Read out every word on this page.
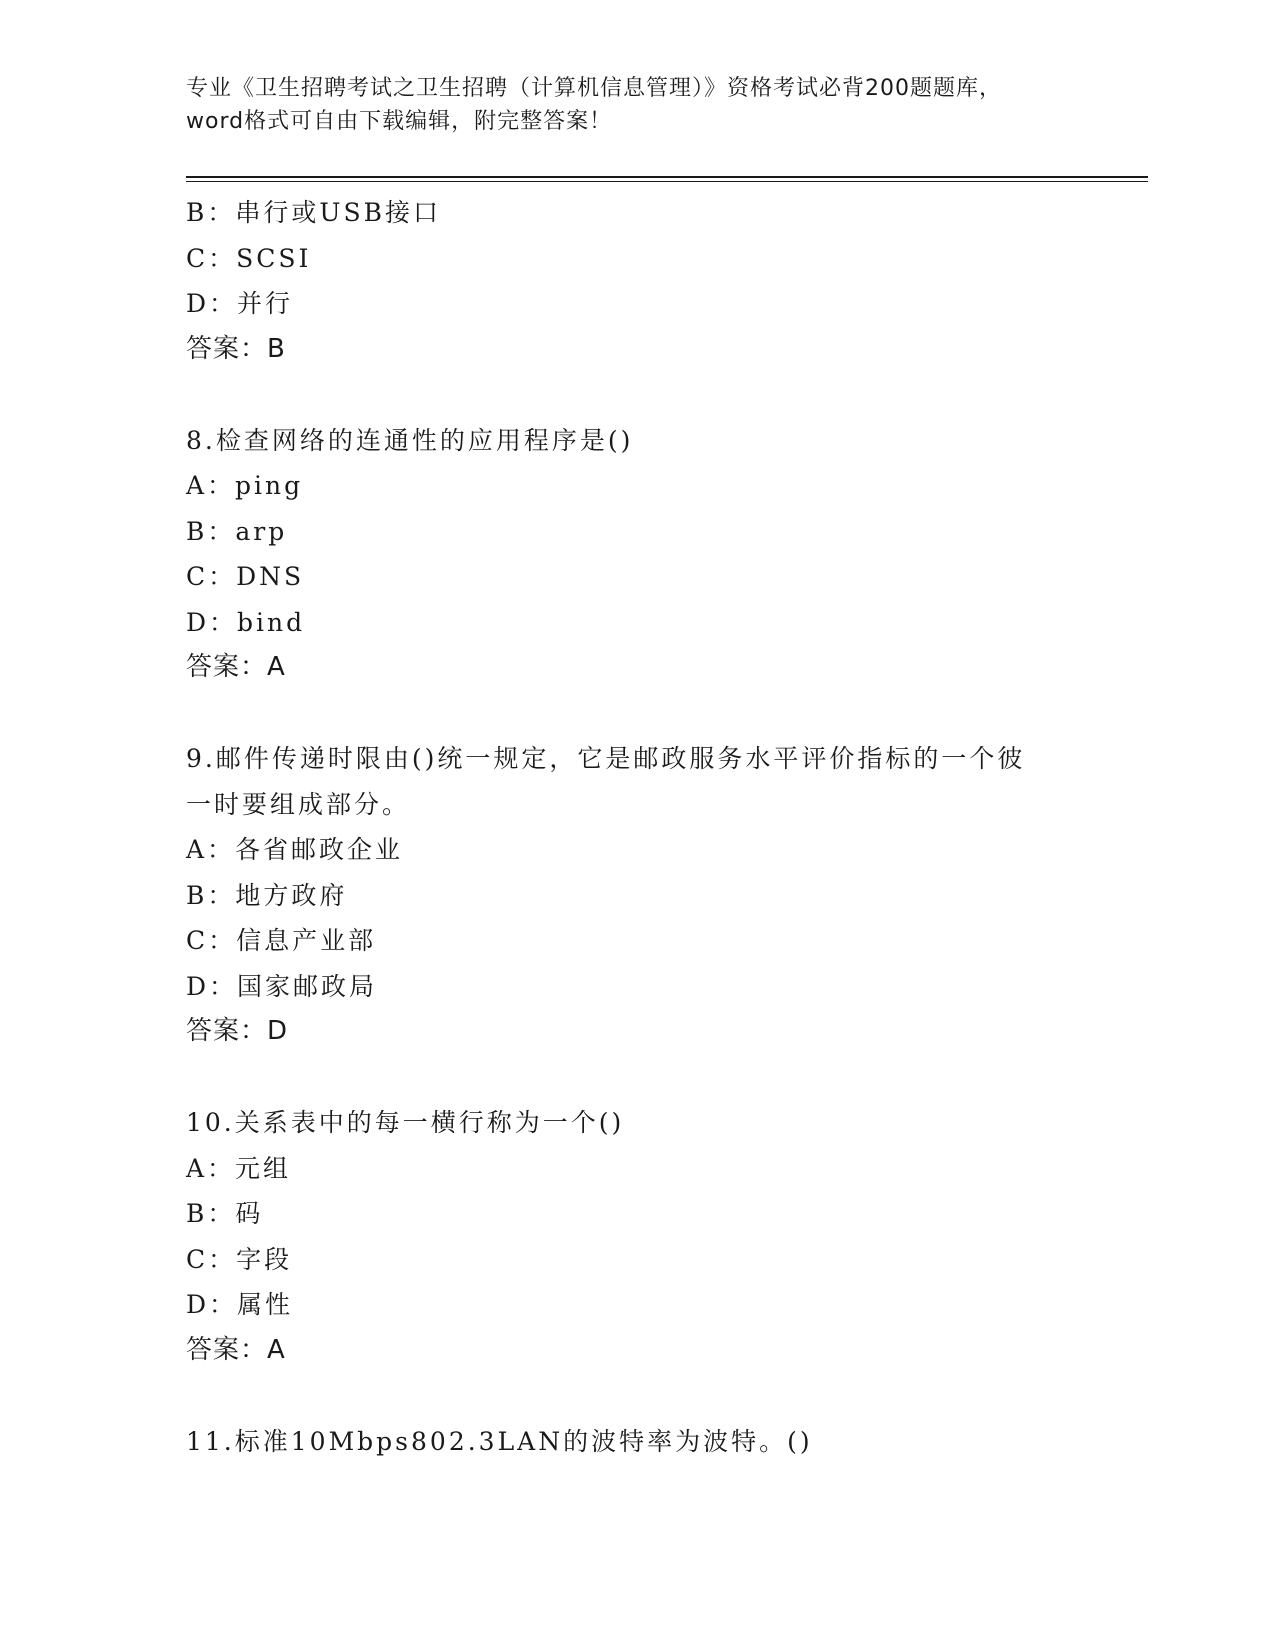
专业《卫生招聘考试之卫生招聘（计算机信息管理）》资格考试必背200题题库，
word格式可自由下载编辑，附完整答案！
B：串行或USB接口
C：SCSI
D：并行
答案：B
8.检查网络的连通性的应用程序是()
A：ping
B：arp
C：DNS
D：bind
答案：A
9.邮件传递时限由()统一规定，它是邮政服务水平评价指标的一个彼
一时要组成部分。
A：各省邮政企业
B：地方政府
C：信息产业部
D：国家邮政局
答案：D
10.关系表中的每一横行称为一个()
A：元组
B：码
C：字段
D：属性
答案：A
11.标准10Mbps802.3LAN的波特率为波特。()
